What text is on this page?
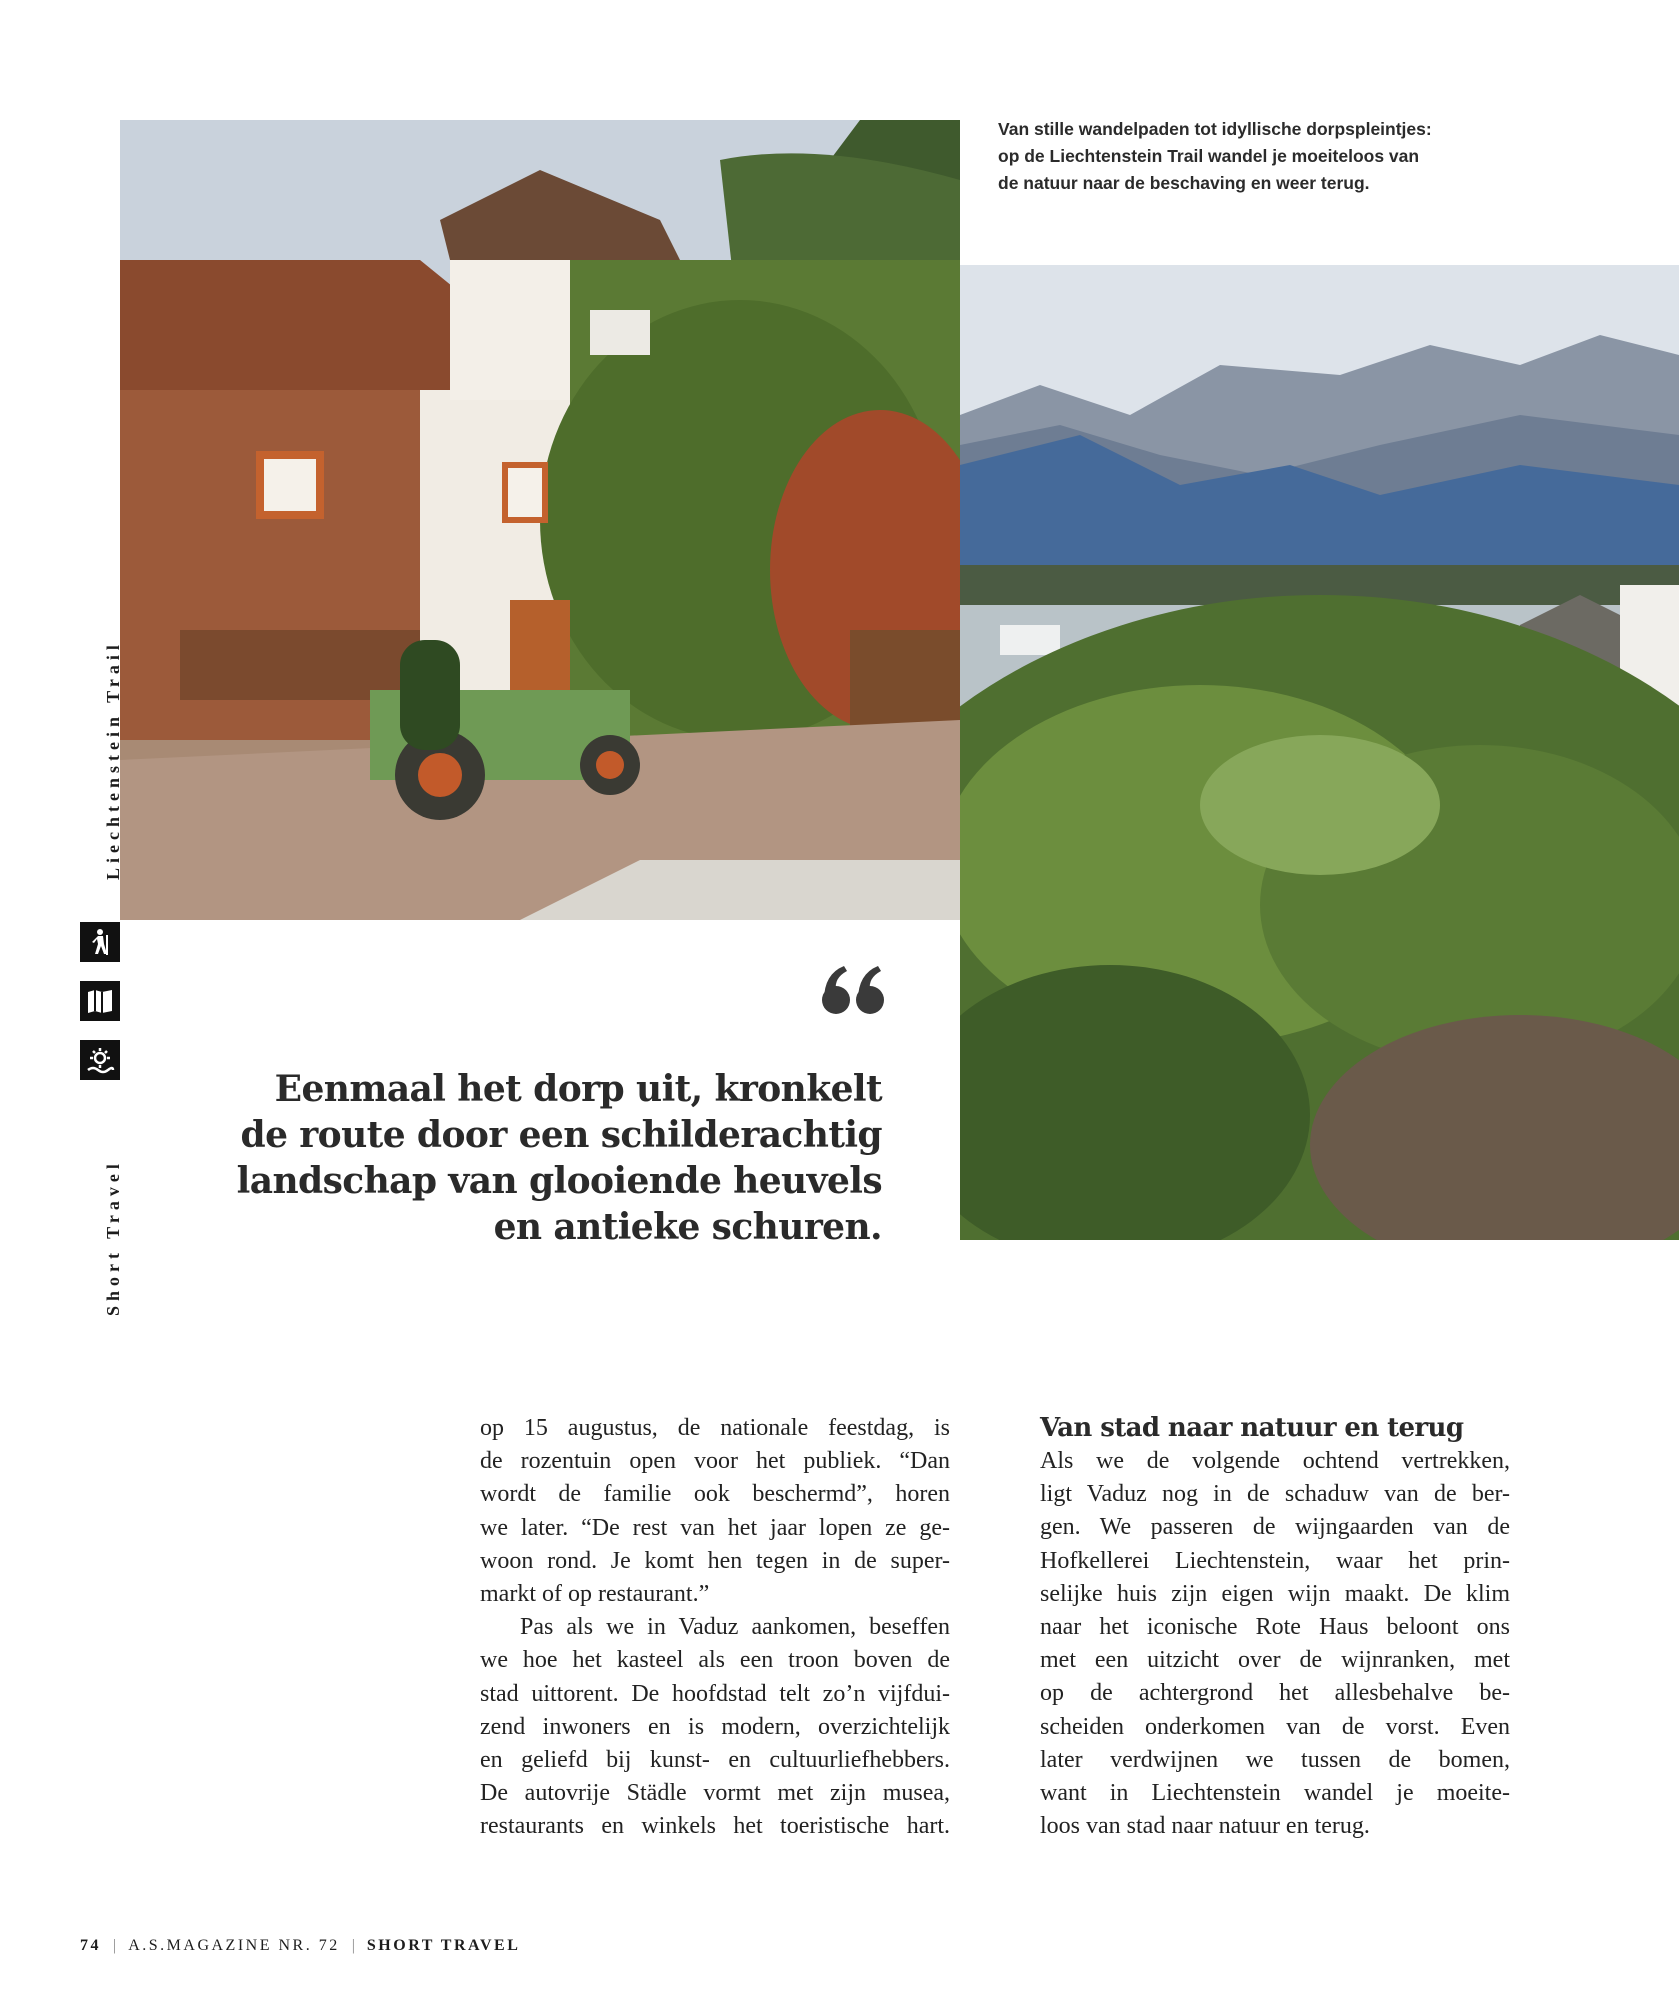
Van stille wandelpaden tot idyllische dorpspleintjes:
op de Liechtenstein Trail wandel je moeiteloos van
de natuur naar de beschaving en weer terug.

Liechtenstein Trail
Short Travel

Eenmaal het dorp uit, kronkelt
de route door een schilderachtig
landschap van glooiende heuvels
en antieke schuren.

op 15 augustus, de nationale feestdag, is
de rozentuin open voor het publiek. “Dan
wordt de familie ook beschermd”, horen
we later. “De rest van het jaar lopen ze ge-
woon rond. Je komt hen tegen in de super-
markt of op restaurant.”
Pas als we in Vaduz aankomen, beseffen
we hoe het kasteel als een troon boven de
stad uittorent. De hoofdstad telt zo’n vijfdui-
zend inwoners en is modern, overzichtelijk
en geliefd bij kunst- en cultuurliefhebbers.
De autovrije Städle vormt met zijn musea,
restaurants en winkels het toeristische hart.
Van stad naar natuur en terug
Als we de volgende ochtend vertrekken,
ligt Vaduz nog in de schaduw van de ber-
gen. We passeren de wijngaarden van de
Hofkellerei Liechtenstein, waar het prin-
selijke huis zijn eigen wijn maakt. De klim
naar het iconische Rote Haus beloont ons
met een uitzicht over de wijnranken, met
op de achtergrond het allesbehalve be-
scheiden onderkomen van de vorst. Even
later verdwijnen we tussen de bomen,
want in Liechtenstein wandel je moeite-
loos van stad naar natuur en terug.
74 | A.S.MAGAZINE NR. 72 | SHORT TRAVEL
